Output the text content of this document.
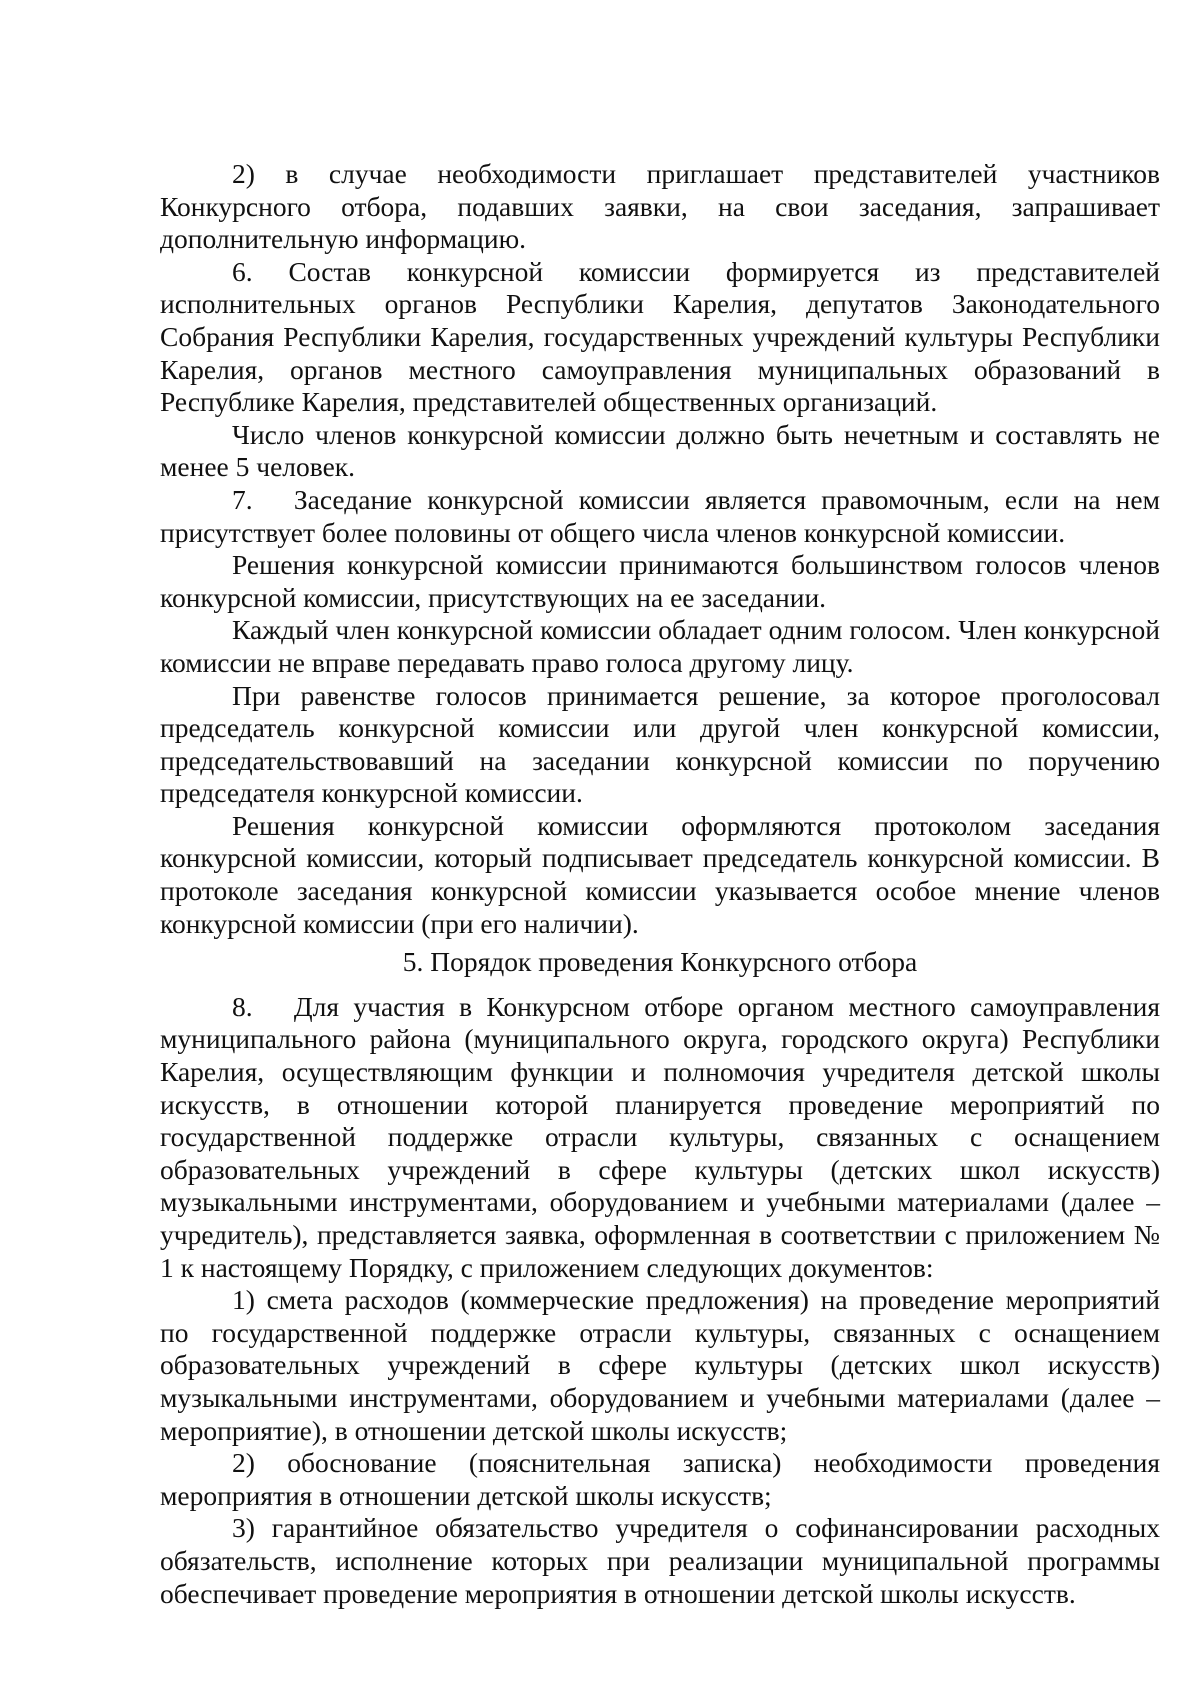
2) в случае необходимости приглашает представителей участников Конкурсного отбора, подавших заявки, на свои заседания, запрашивает дополнительную информацию.

6. Состав конкурсной комиссии формируется из представителей исполнительных органов Республики Карелия, депутатов Законодательного Собрания Республики Карелия, государственных учреждений культуры Республики Карелия, органов местного самоуправления муниципальных образований в Республике Карелия, представителей общественных организаций.

Число членов конкурсной комиссии должно быть нечетным и составлять не менее 5 человек.

7.  Заседание конкурсной комиссии является правомочным, если на нем присутствует более половины от общего числа членов конкурсной комиссии.

Решения конкурсной комиссии принимаются большинством голосов членов конкурсной комиссии, присутствующих на ее заседании.

Каждый член конкурсной комиссии обладает одним голосом. Член конкурсной комиссии не вправе передавать право голоса другому лицу.

При равенстве голосов принимается решение, за которое проголосовал председатель конкурсной комиссии или другой член конкурсной комиссии, председательствовавший на заседании конкурсной комиссии по поручению председателя конкурсной комиссии.

Решения конкурсной комиссии оформляются протоколом заседания конкурсной комиссии, который подписывает председатель конкурсной комиссии. В протоколе заседания конкурсной комиссии указывается особое мнение членов конкурсной комиссии (при его наличии).

5. Порядок проведения Конкурсного отбора

8.  Для участия в Конкурсном отборе органом местного самоуправления муниципального района (муниципального округа, городского округа) Республики Карелия, осуществляющим функции и полномочия учредителя детской школы искусств, в отношении которой планируется проведение мероприятий по государственной поддержке отрасли культуры, связанных с оснащением образовательных учреждений в сфере культуры (детских школ искусств) музыкальными инструментами, оборудованием и учебными материалами (далее – учредитель), представляется заявка, оформленная в соответствии с приложением № 1 к настоящему Порядку, с приложением следующих документов:

1) смета расходов (коммерческие предложения) на проведение мероприятий по государственной поддержке отрасли культуры, связанных с оснащением образовательных учреждений в сфере культуры (детских школ искусств) музыкальными инструментами, оборудованием и учебными материалами (далее – мероприятие), в отношении детской школы искусств;

2) обоснование (пояснительная записка) необходимости проведения мероприятия в отношении детской школы искусств;

3) гарантийное обязательство учредителя о софинансировании расходных обязательств, исполнение которых при реализации муниципальной программы обеспечивает проведение мероприятия в отношении детской школы искусств.
